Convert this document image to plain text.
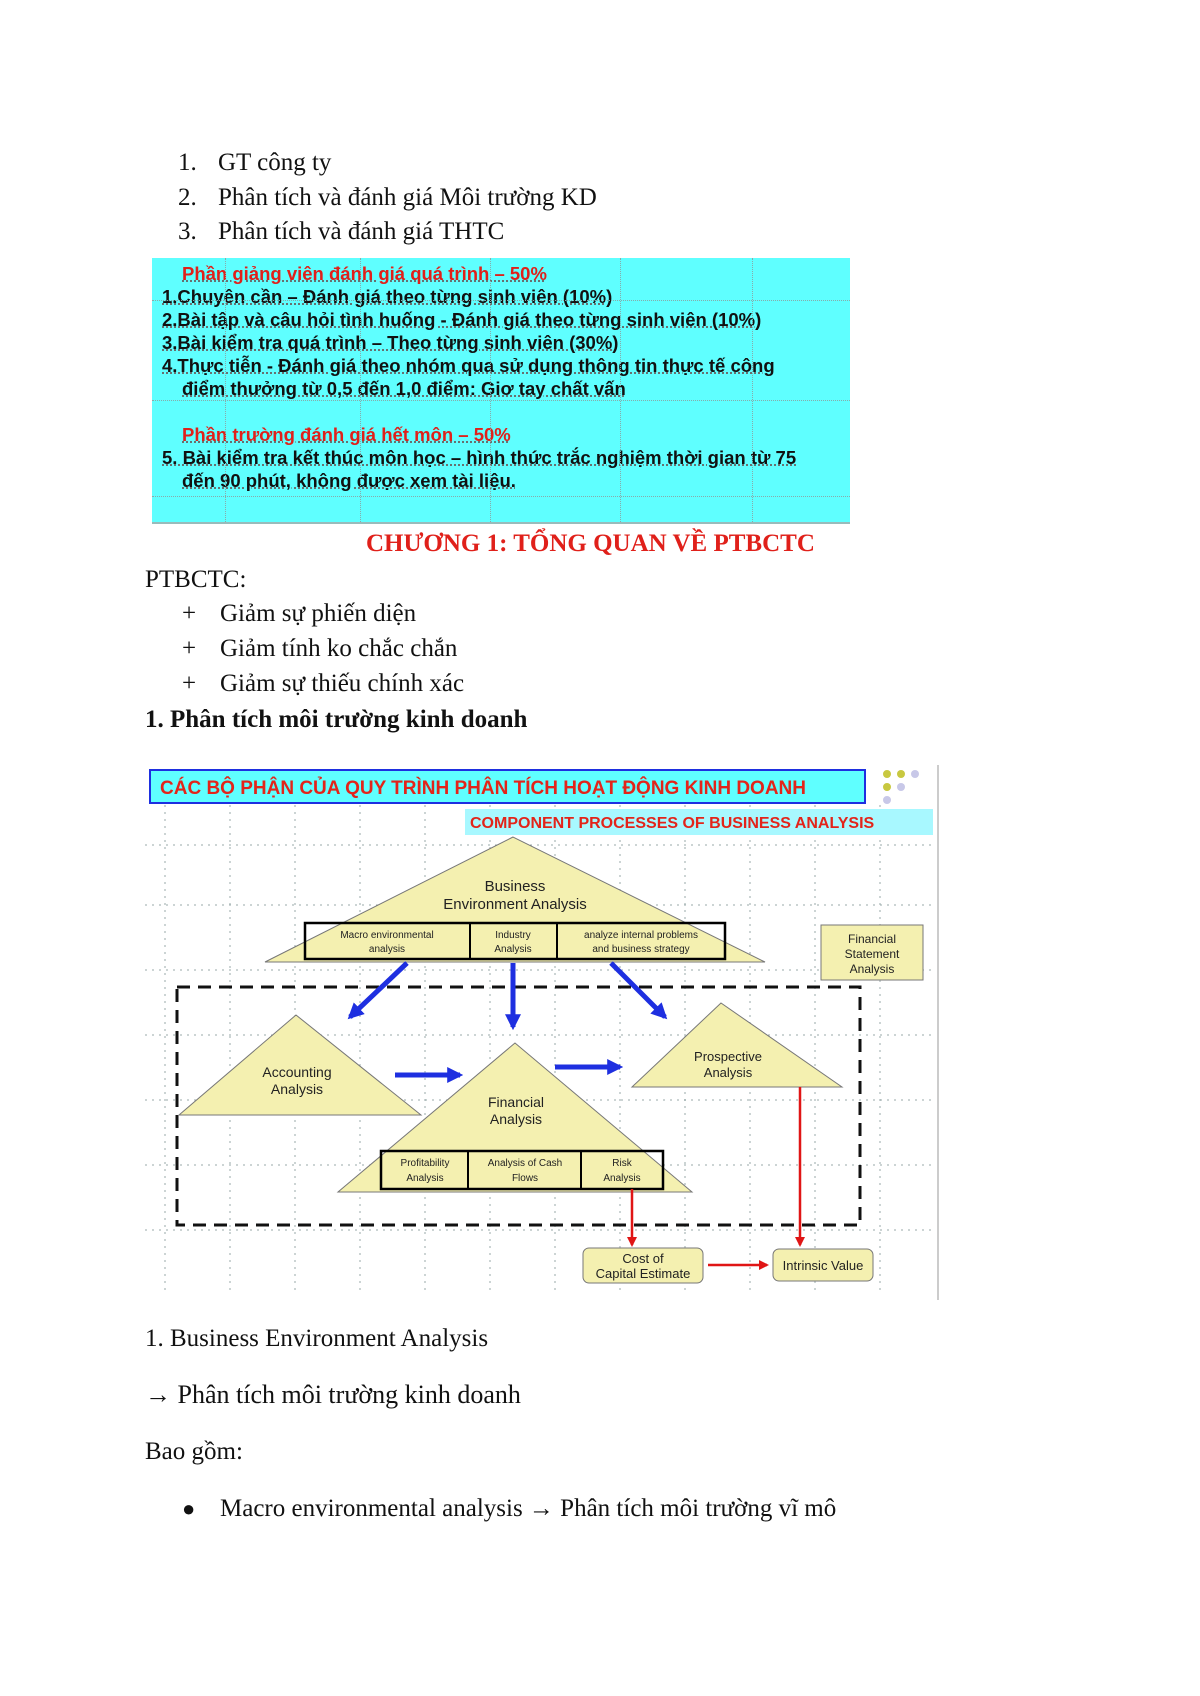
1. GT công ty
2. Phân tích và đánh giá Môi trường KD
3. Phân tích và đánh giá THTC
Phần giảng viên đánh giá quá trình – 50%
1.Chuyên cần – Đánh giá theo từng sinh viên (10%)
2.Bài tập và câu hỏi tình huống - Đánh giá theo từng sinh viên (10%)
3.Bài kiểm tra quá trình – Theo từng sinh viên (30%)
4.Thực tiễn - Đánh giá theo nhóm qua sử dụng thông tin thực tế công
điểm thưởng từ 0,5 đến 1,0 điểm: Giơ tay chất vấn
Phần trường đánh giá hết môn – 50%
5. Bài kiểm tra kết thúc môn học – hình thức trắc nghiệm thời gian từ 75
đến 90 phút, không được xem tài liệu.
CHƯƠNG 1: TỔNG QUAN VỀ PTBCTC
PTBCTC:
+ Giảm sự phiến diện
+ Giảm tính ko chắc chắn
+ Giảm sự thiếu chính xác
1. Phân tích môi trường kinh doanh
CÁC BỘ PHẬN CỦA QUY TRÌNH PHÂN TÍCH HOẠT ĐỘNG KINH DOANH
COMPONENT PROCESSES OF BUSINESS ANALYSIS
Business
Environment Analysis
Macro environmental
analysis
Industry
Analysis
analyze internal problems
and business strategy
Financial
Statement
Analysis
Accounting
Analysis
Financial
Analysis
Profitability
Analysis
Analysis of Cash
Flows
Risk
Analysis
Prospective
Analysis
Cost of
Capital Estimate
Intrinsic Value
1. Business Environment Analysis
→ Phân tích môi trường kinh doanh
Bao gồm:
● Macro environmental analysis → Phân tích môi trường vĩ mô
